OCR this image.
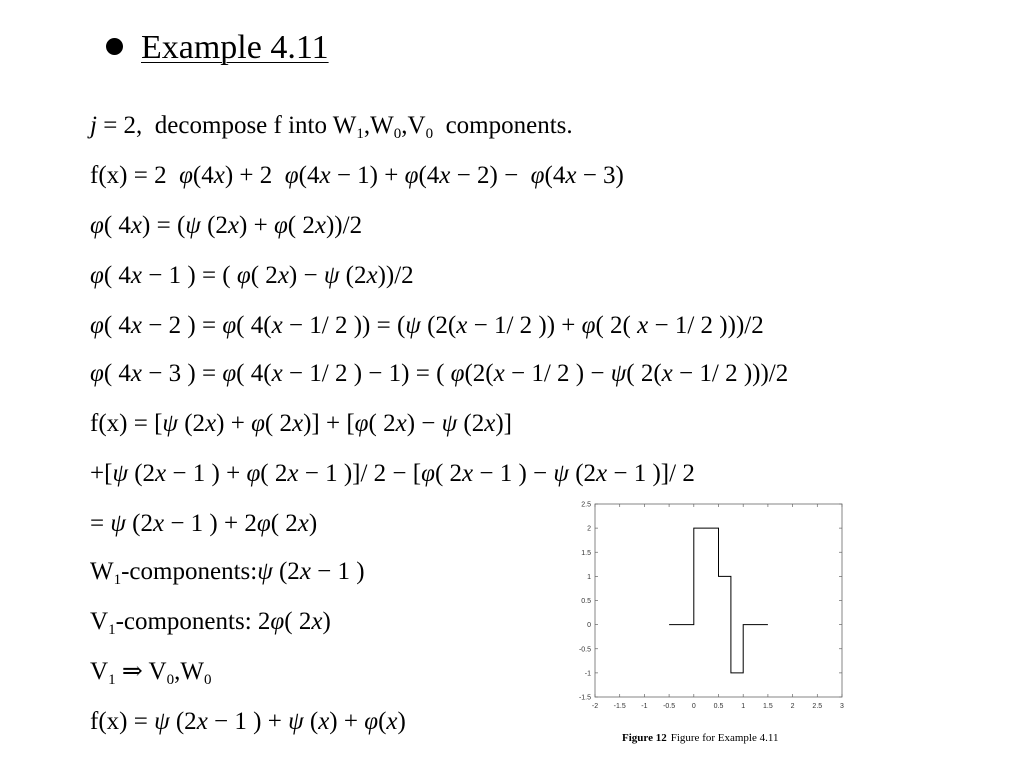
Example 4.11
j = 2,  decompose f into $W_1,W_0,V_0$  components.
f(x) = 2  φ(4x) + 2  φ(4x − 1) + φ(4x − 2) −  φ(4x − 3)
φ( 4x) = (ψ (2x) + φ( 2x))/2
φ( 4x − 1 ) = ( φ( 2x) − ψ (2x))/2
φ( 4x − 2 ) = φ( 4(x − 1/ 2 )) = (ψ (2(x − 1/ 2 )) + φ( 2( x − 1/ 2 )))/2
φ( 4x − 3 ) = φ( 4(x − 1/ 2 ) − 1) = ( φ(2(x − 1/ 2 ) − ψ( 2(x − 1/ 2 )))/2
f(x) = [ψ (2x) + φ( 2x)] + [φ( 2x) − ψ (2x)]
+[ψ (2x − 1 ) + φ( 2x − 1 )]/ 2 − [φ( 2x − 1 ) − ψ (2x − 1 )]/ 2
= ψ (2x − 1 ) + 2φ( 2x)
$W_1-components:\psi$ (2x − 1 )
$V_1$-components: 2φ( 2x)
$V_1$ ⇒ $V_0,W_0$
f(x) = ψ (2x − 1 ) + ψ (x) + φ(x)
-2 -1.5 -1 -0.5 0	0.5	1	1.5	2	2.5	3
-1.5
-1
-0.5
0
0.5
1
1.5
2
2.5
Figure 12 Figure for Example 4.11
